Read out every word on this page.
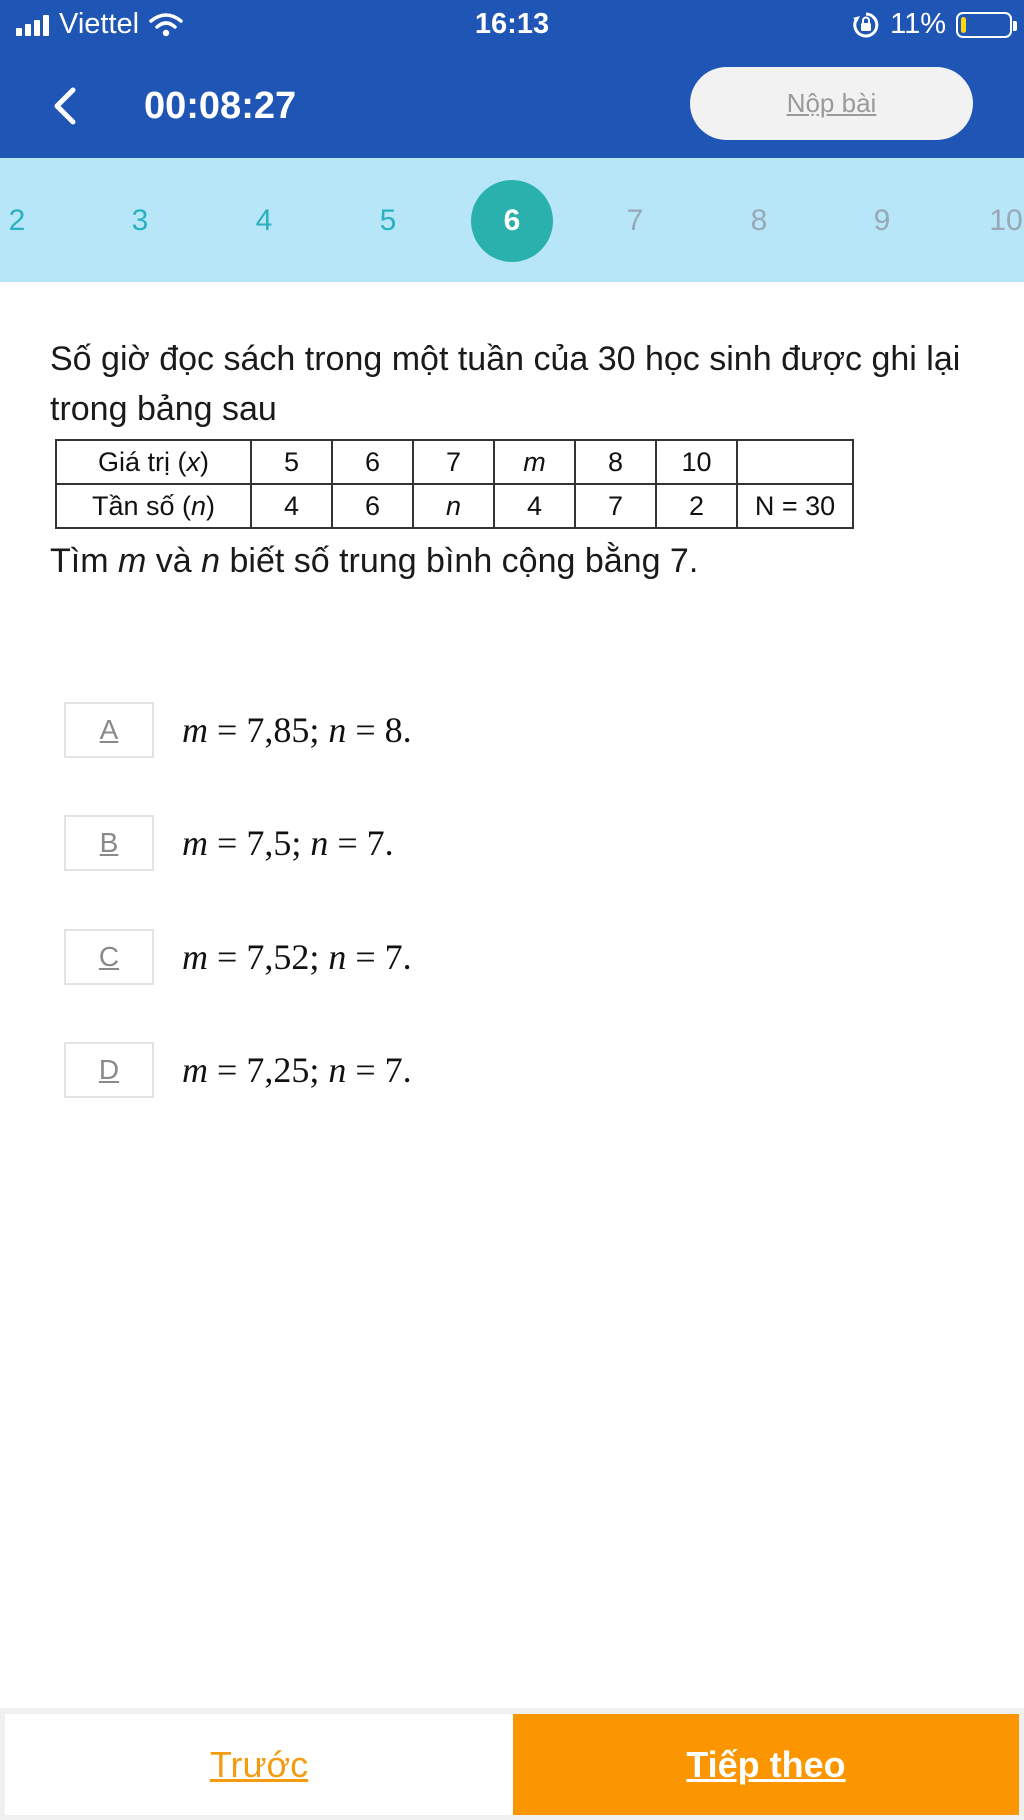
Viettel	16:13	11%
00:08:27	Nộp bài
2	3	4	5	6	7	8	9	10
Số giờ đọc sách trong một tuần của 30 học sinh được ghi lại trong bảng sau
Giá trị (x)	5	6	7	m	8	10	
Tần số (n)	4	6	n	4	7	2	N = 30
Tìm m và n biết số trung bình cộng bằng 7.
A	m = 7,85; n = 8.
B	m = 7,5; n = 7.
C	m = 7,52; n = 7.
D	m = 7,25; n = 7.
Trước	Tiếp theo
